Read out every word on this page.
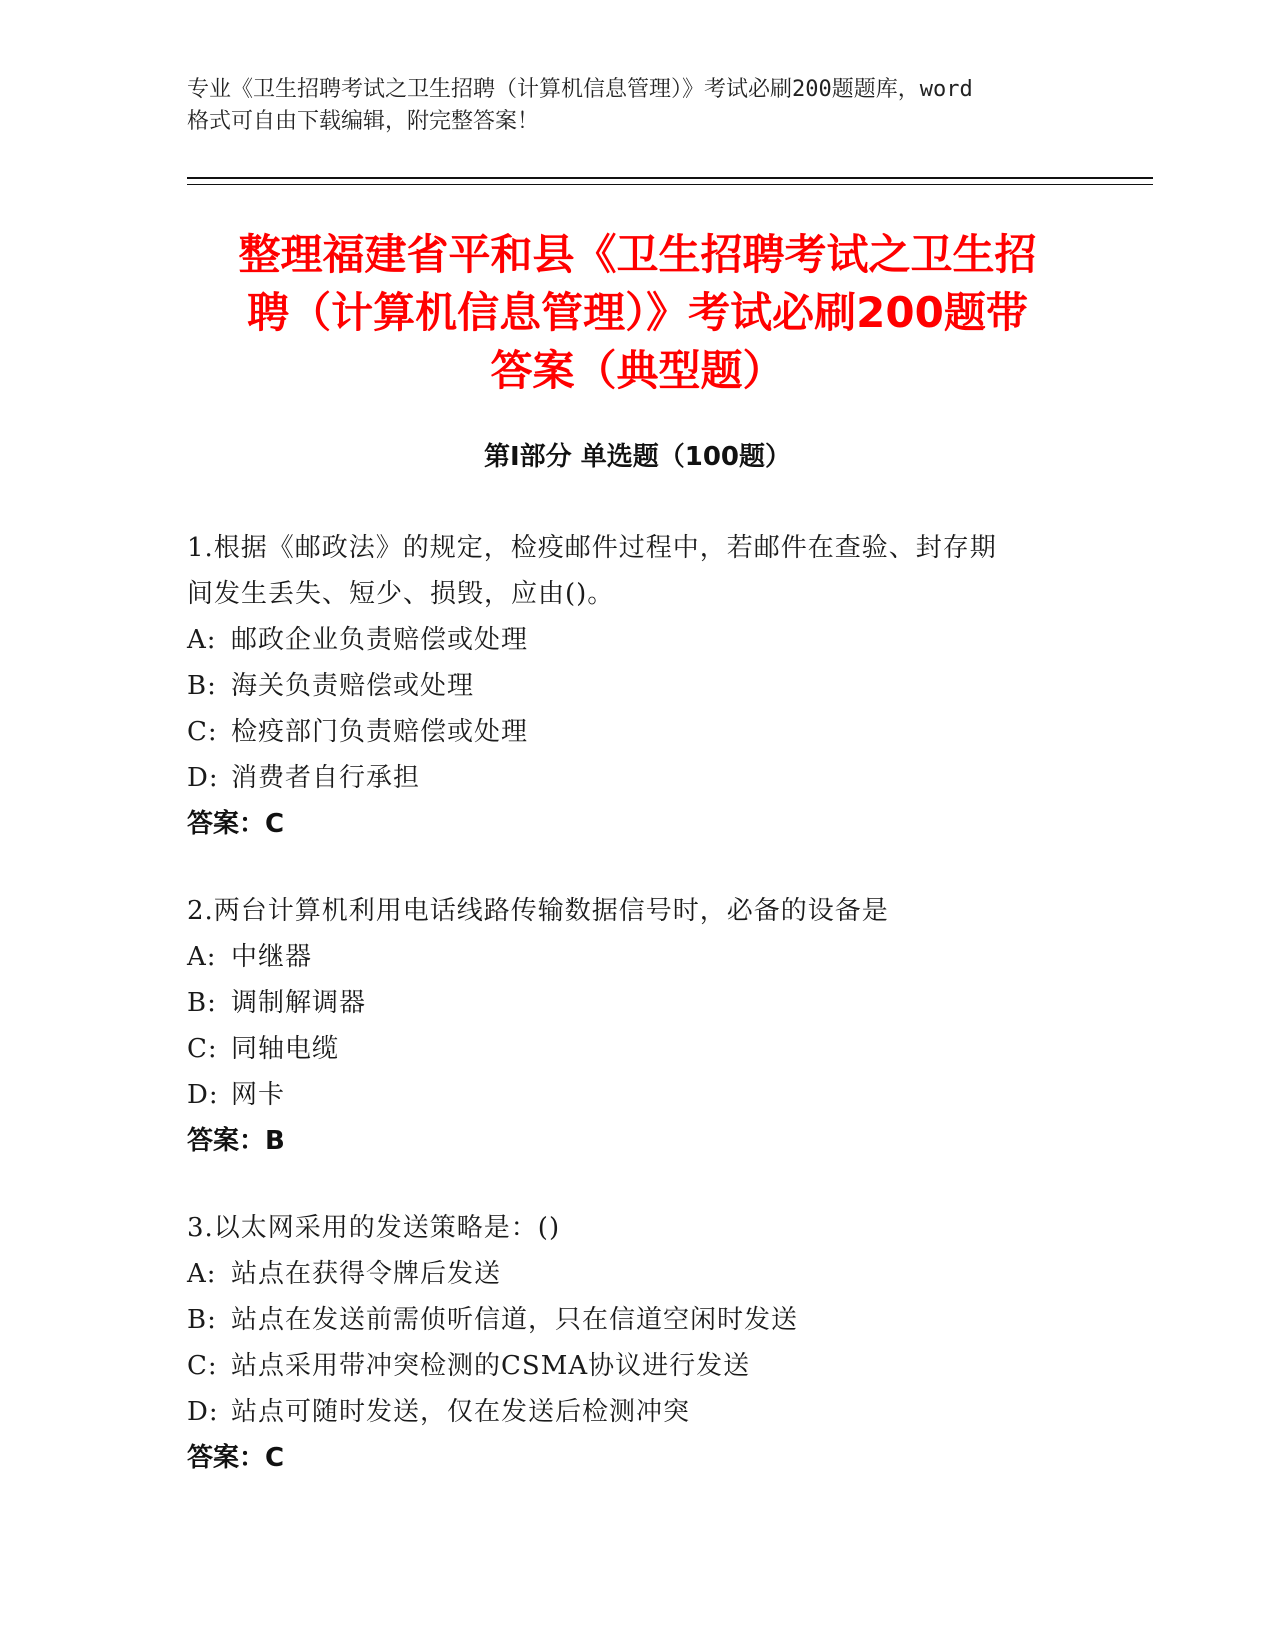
专业《卫生招聘考试之卫生招聘（计算机信息管理）》考试必刷200题题库，word
格式可自由下载编辑，附完整答案！
整理福建省平和县《卫生招聘考试之卫生招
聘（计算机信息管理）》考试必刷200题带
答案（典型题）
第I部分 单选题（100题）
1.根据《邮政法》的规定，检疫邮件过程中，若邮件在查验、封存期
间发生丢失、短少、损毁，应由()。
A: 邮政企业负责赔偿或处理
B: 海关负责赔偿或处理
C: 检疫部门负责赔偿或处理
D: 消费者自行承担
答案：C
2.两台计算机利用电话线路传输数据信号时，必备的设备是
A: 中继器
B: 调制解调器
C: 同轴电缆
D: 网卡
答案：B
3.以太网采用的发送策略是：()
A: 站点在获得令牌后发送
B: 站点在发送前需侦听信道，只在信道空闲时发送
C: 站点采用带冲突检测的CSMA协议进行发送
D: 站点可随时发送，仅在发送后检测冲突
答案：C
